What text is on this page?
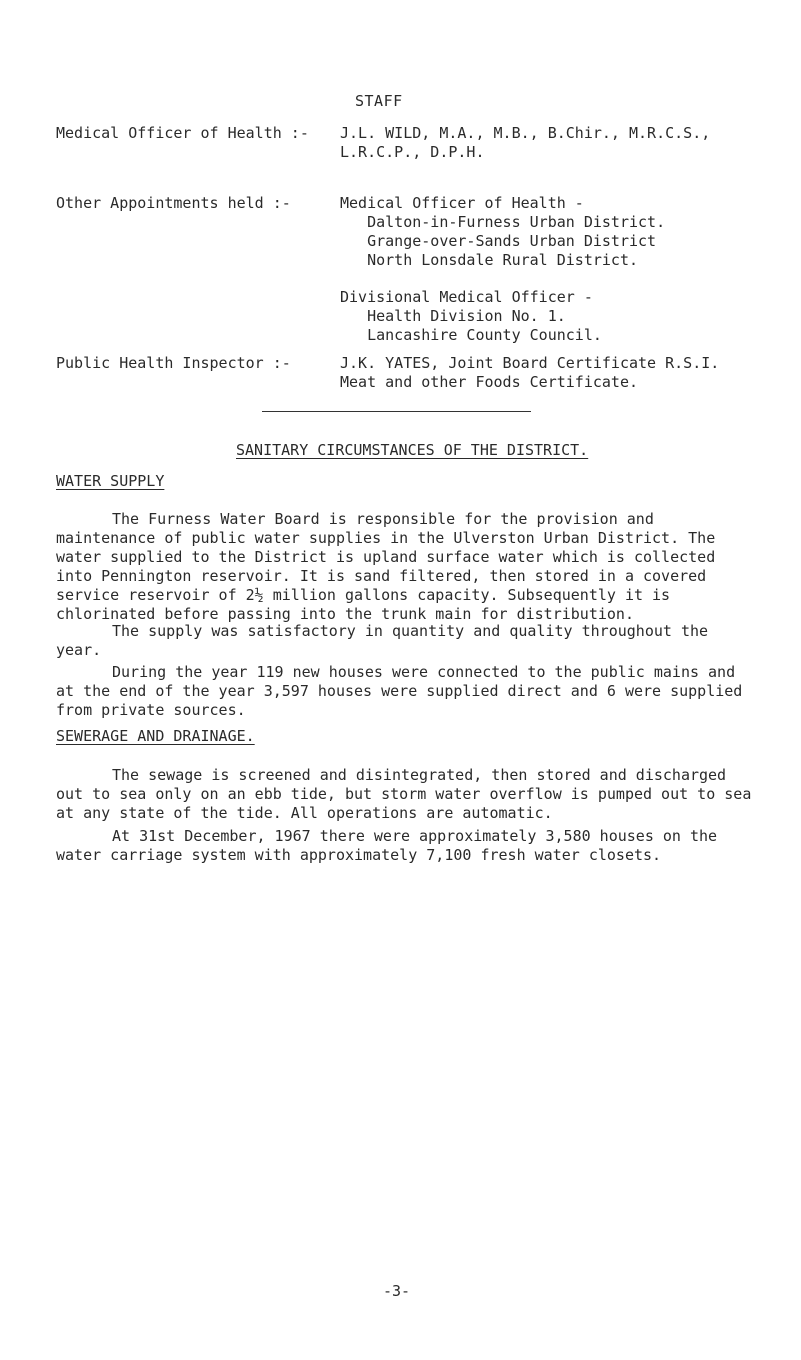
STAFF
Medical Officer of Health :- J.L. WILD, M.A., M.B., B.Chir., M.R.C.S.,
L.R.C.P., D.P.H.
Other Appointments held :-	Medical Officer of Health -
Dalton-in-Furness Urban District.
Grange-over-Sands Urban District
North Lonsdale Rural District.
Divisional Medical Officer -
Health Division No. 1.
Lancashire County Council.
Public Health Inspector :-	J.K. YATES, Joint Board Certificate R.S.I.
Meat and other Foods Certificate.
SANITARY CIRCUMSTANCES OF THE DISTRICT.
WATER SUPPLY
The Furness Water Board is responsible for the provision and maintenance of public water supplies in the Ulverston Urban District. The water supplied to the District is upland surface water which is collected into Pennington reservoir. It is sand filtered, then stored in a covered service reservoir of 2½ million gallons capacity. Subsequently it is chlorinated before passing into the trunk main for distribution.
The supply was satisfactory in quantity and quality throughout the year.
During the year 119 new houses were connected to the public mains and at the end of the year 3,597 houses were supplied direct and 6 were supplied from private sources.
SEWERAGE AND DRAINAGE.
The sewage is screened and disintegrated, then stored and discharged out to sea only on an ebb tide, but storm water overflow is pumped out to sea at any state of the tide. All operations are automatic.
At 31st December, 1967 there were approximately 3,580 houses on the water carriage system with approximately 7,100 fresh water closets.
-3-
